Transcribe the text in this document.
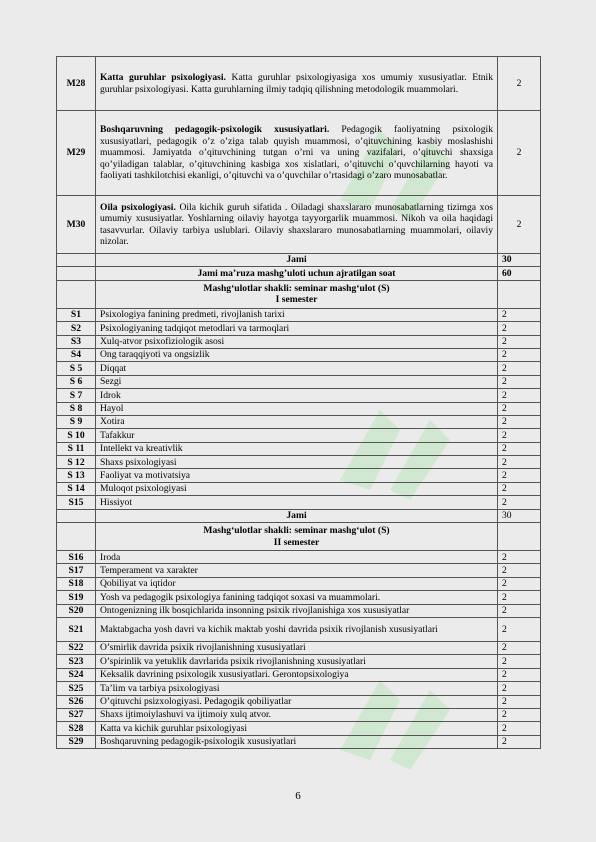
M28	Katta guruhlar psixologiyasi. Katta guruhlar psixologiyasiga xos umumiy xususiyatlar. Etnik guruhlar psixologiyasi. Katta guruhlarning ilmiy tadqiq qilishning metodologik muammolari.	2
M29	Boshqaruvning pedagogik-psixologik xususiyatlari. Pedagogik faoliyatning psixologik xususiyatlari, pedagogik o’z o’ziga talab quyish muammosi, o’qituvchining kasbiy moslashishi muammosi. Jamiyatda o’qituvchining tutgan o’rni va uning vazifalari, o’qituvchi shaxsiga qo’yiladigan talablar, o’qituvchining kasbiga xos xislatlari, o’qituvchi o’quvchilarning hayoti va faoliyati tashkilotchisi ekanligi, o’qituvchi va o’quvchilar o’rtasidagi o’zaro munosabatlar.	2
M30	Oila psixologiyasi. Oila kichik guruh sifatida . Oiladagi shaxslararo munosabatlarning tizimga xos umumiy xususiyatlar. Yoshlarning oilaviy hayotga tayyorgarlik muammosi. Nikoh va oila haqidagi tasavvurlar. Oilaviy tarbiya uslublari. Oilaviy shaxslararo munosabatlarning muammolari, oilaviy nizolar.	2
	Jami	30
	Jami ma’ruza mashg’uloti uchun ajratilgan soat	60

	Mashg‘ulotlar shakli: seminar mashg‘ulot (S)
I semester	

S1	Psixologiya fanining predmeti, rivojlanish tarixi	2
S2	Psixologiyaning tadqiqot metodlari va tarmoqlari	2
S3	Xulq-atvor psixofiziologik asosi	2
S4	Ong taraqqiyoti va ongsizlik	2
S 5	Diqqat	2
S 6	Sezgi	2
S 7	Idrok	2
S 8	Hayol	2
S 9	Xotira	2
S 10	Tafakkur	2
S 11	Intellekt va kreativlik	2
S 12	Shaxs psixologiyasi	2
S 13	Faoliyat va motivatsiya	2
S 14	Muloqot psixologiyasi	2
S15	Hissiyot	2
	Jami	30

	Mashg‘ulotlar shakli: seminar mashg‘ulot (S)
II semester	

S16	Iroda	2
S17	Temperament va xarakter	2
S18	Qobiliyat va iqtidor	2
S19	Yosh va pedagogik psixologiya fanining tadqiqot soxasi va muammolari.	2
S20	Ontogenizning ilk bosqichlarida insonning psixik rivojlanishiga xos xususiyatlar	2
S21	Maktabgacha yosh davri va kichik maktab yoshi davrida psixik rivojlanish xususiyatlari	2
S22	O’smirlik davrida psixik rivojlanishning xususiyatlari	2
S23	O’spirinlik va yetuklik davrlarida psixik rivojlanishning xususiyatlari	2
S24	Keksalik davrining psixologik xususiyatlari. Gerontopsixologiya	2
S25	Ta’lim va tarbiya psixologiyasi	2
S26	O’qituvchi psizxologiyasi. Pedagogik qobiliyatlar	2
S27	Shaxs ijtimoiylashuvi va ijtimoiy xulq atvor.	2
S28	Katta va kichik guruhlar psixologiyasi	2
S29	Boshqaruvning pedagogik-psixologik xususiyatlari	2
6
